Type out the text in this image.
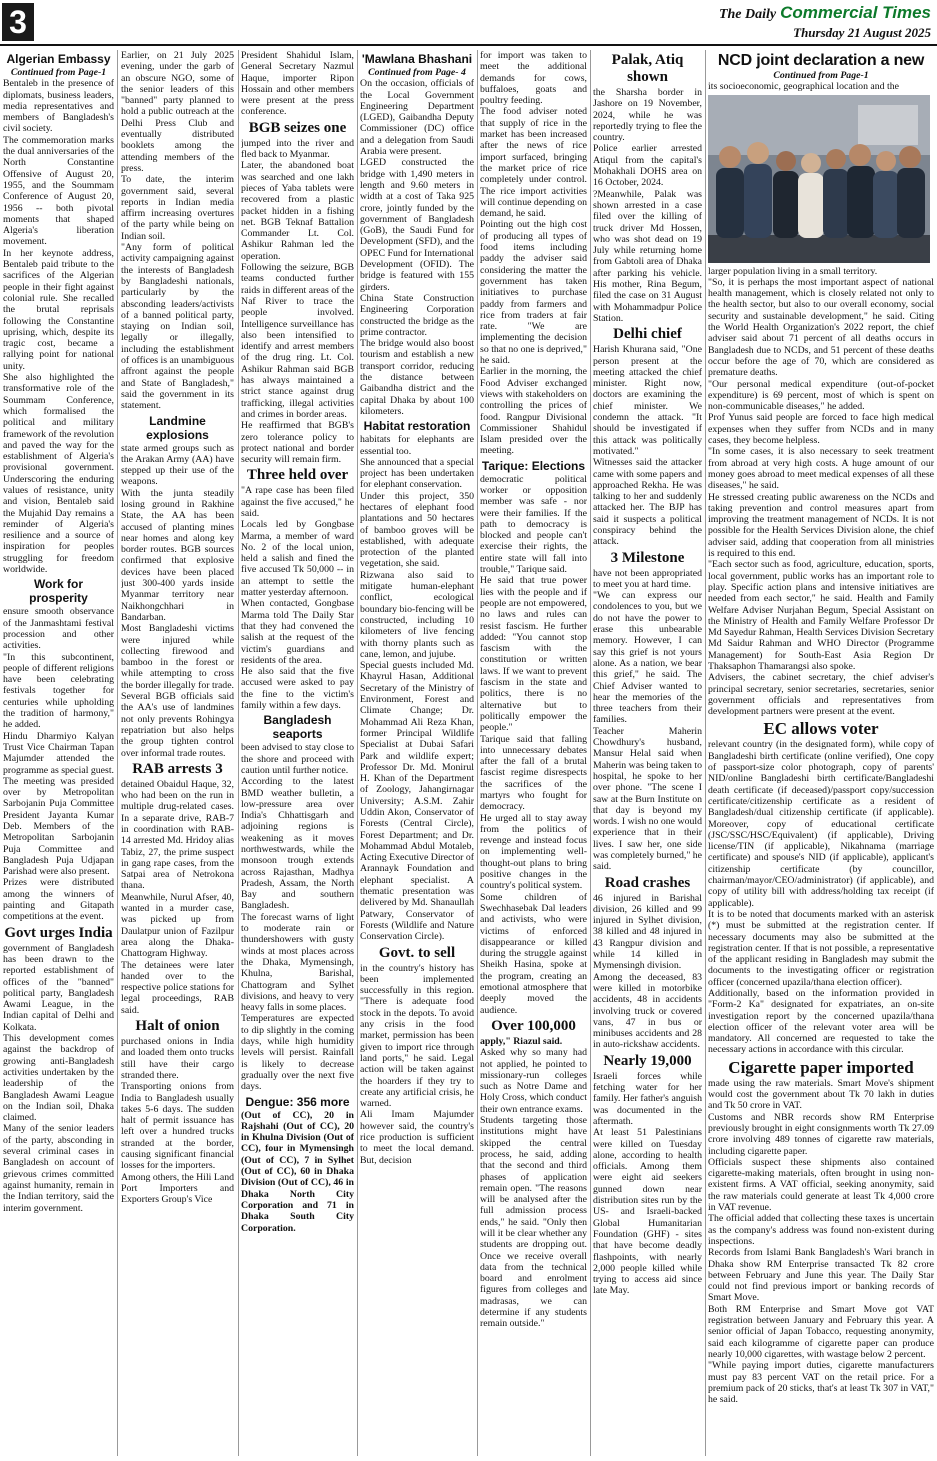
3	The Daily Commercial Times
Thursday 21 August 2025
Algerian Embassy
Continued from Page-1

Bentaleb in the presence of diplomats, business leaders, media representatives and members of Bangladesh's civil society.
The commemoration marks the dual anniversaries of the North Constantine Offensive of August 20, 1955, and the Soummam Conference of August 20, 1956 -- both pivotal moments that shaped Algeria's liberation movement.
In her keynote address, Bentaleb paid tribute to the sacrifices of the Algerian people in their fight against colonial rule. She recalled the brutal reprisals following the Constantine uprising, which, despite its tragic cost, became a rallying point for national unity.
She also highlighted the transformative role of the Soummam Conference, which formalised the political and military framework of the revolution and paved the way for the establishment of Algeria's provisional government. Underscoring the enduring values of resistance, unity and vision, Bentaleb said the Mujahid Day remains a reminder of Algeria's resilience and a source of inspiration for peoples struggling for freedom worldwide.

Work for prosperity

ensure smooth observance of the Janmashtami festival procession and other activities.
"In this subcontinent, people of different religions have been celebrating festivals together for centuries while upholding the tradition of harmony," he added.
Hindu Dharmiyo Kalyan Trust Vice Chairman Tapan Majumder attended the programme as special guest. The meeting was presided over by Metropolitan Sarbojanin Puja Committee President Jayanta Kumar Deb. Members of the Metropolitan Sarbojanin Puja Committee and Bangladesh Puja Udjapan Parishad were also present.
Prizes were distributed among the winners of painting and Gitapath competitions at the event.

Govt urges India

government of Bangladesh has been drawn to the reported establishment of offices of the "banned" political party, Bangladesh Awami League, in the Indian capital of Delhi and Kolkata.
This development comes against the backdrop of growing anti-Bangladesh activities undertaken by the leadership of the Bangladesh Awami League on the Indian soil, Dhaka claimed.
Many of the senior leaders of the party, absconding in several criminal cases in Bangladesh on account of grievous crimes committed against humanity, remain in the Indian territory, said the interim government.

Earlier, on 21 July 2025 evening, under the garb of an obscure NGO, some of the senior leaders of this "banned" party planned to hold a public outreach at the Delhi Press Club and eventually distributed booklets among the attending members of the press.
To date, the interim government said, several reports in Indian media affirm increasing overtures of the party while being on Indian soil.
"Any form of political activity campaigning against the interests of Bangladesh by Bangladeshi nationals, particularly by the absconding leaders/activists of a banned political party, staying on Indian soil, legally or illegally, including the establishment of offices is an unambiguous affront against the people and State of Bangladesh," said the government in its statement.

Landmine explosions

state armed groups such as the Arakan Army (AA) have stepped up their use of the weapons.
With the junta steadily losing ground in Rakhine State, the AA has been accused of planting mines near homes and along key border routes. BGB sources confirmed that explosive devices have been placed just 300-400 yards inside Myanmar territory near Naikhongchhari in Bandarban.
Most Bangladeshi victims were injured while collecting firewood and bamboo in the forest or while attempting to cross the border illegally for trade. Several BGB officials said the AA's use of landmines not only prevents Rohingya repatriation but also helps the group tighten control over informal trade routes.

RAB arrests 3

detained Obaidul Haque, 32, who had been on the run in multiple drug-related cases. In a separate drive, RAB-7 in coordination with RAB-14 arrested Md. Hridoy alias Tabiz, 27, the prime suspect in gang rape cases, from the Satpai area of Netrokona thana.
Meanwhile, Nurul Afser, 40, wanted in a murder case, was picked up from Daulatpur union of Fazilpur area along the Dhaka-Chattogram Highway.
The detainees were later handed over to the respective police stations for legal proceedings, RAB said.

Halt of onion

purchased onions in India and loaded them onto trucks still have their cargo stranded there.
Transporting onions from India to Bangladesh usually takes 5-6 days. The sudden halt of permit issuance has left over a hundred trucks stranded at the border, causing significant financial losses for the importers.
Among others, the Hili Land Port Importers and Exporters Group's Vice

President Shahidul Islam, General Secretary Nazmul Haque, importer Ripon Hossain and other members were present at the press conference.

BGB seizes one

jumped into the river and fled back to Myanmar.
Later, the abandoned boat was searched and one lakh pieces of Yaba tablets were recovered from a plastic packet hidden in a fishing net. BGB Teknaf Battalion Commander Lt. Col. Ashikur Rahman led the operation.
Following the seizure, BGB teams conducted further raids in different areas of the Naf River to trace the people involved. Intelligence surveillance has also been intensified to identify and arrest members of the drug ring. Lt. Col. Ashikur Rahman said BGB has always maintained a strict stance against drug trafficking, illegal activities and crimes in border areas.
He reaffirmed that BGB's zero tolerance policy to protect national and border security will remain firm.

Three held over

"A rape case has been filed against the five accused," he said.
Locals led by Gongbase Marma, a member of ward No. 2 of the local union, held a salish and fined the five accused Tk 50,000 -- in an attempt to settle the matter yesterday afternoon.
When contacted, Gongbase Marma told The Daily Star that they had convened the salish at the request of the victim's guardians and residents of the area.
He also said that the five accused were asked to pay the fine to the victim's family within a few days.

Bangladesh seaports

been advised to stay close to the shore and proceed with caution until further notice.
According to the latest BMD weather bulletin, a low-pressure area over India's Chhattisgarh and adjoining regions is weakening as it moves northwestwards, while the monsoon trough extends across Rajasthan, Madhya Pradesh, Assam, the North Bay and southern Bangladesh.
The forecast warns of light to moderate rain or thundershowers with gusty winds at most places across the Dhaka, Mymensingh, Khulna, Barishal, Chattogram and Sylhet divisions, and heavy to very heavy falls in some places.
Temperatures are expected to dip slightly in the coming days, while high humidity levels will persist. Rainfall is likely to decrease gradually over the next five days.

Dengue: 356 more

(Out of CC), 20 in Rajshahi (Out of CC), 20 in Khulna Division (Out of CC), four in Mymensingh (Out of CC), 7 in Sylhet (Out of CC), 60 in Dhaka Division (Out of CC), 46 in Dhaka North City Corporation and 71 in Dhaka South City Corporation.

'Mawlana Bhashani
Continued from Page- 4

On the occasion, officials of the Local Government Engineering Department (LGED), Gaibandha Deputy Commissioner (DC) office and a delegation from Saudi Arabia were present.
LGED constructed the bridge with 1,490 meters in length and 9.60 meters in width at a cost of Taka 925 crore, jointly funded by the government of Bangladesh (GoB), the Saudi Fund for Development (SFD), and the OPEC Fund for International Development (OFID). The bridge is featured with 155 girders.
China State Construction Engineering Corporation constructed the bridge as the prime contractor.
The bridge would also boost tourism and establish a new transport corridor, reducing the distance between Gaibandha district and the capital Dhaka by about 100 kilometers.

Habitat restoration

habitats for elephants are essential too.
She announced that a special project has been undertaken for elephant conservation.
Under this project, 350 hectares of elephant food plantations and 50 hectares of bamboo groves will be established, with adequate protection of the planted vegetation, she said.
Rizwana also said to mitigate human-elephant conflict, ecological boundary bio-fencing will be constructed, including 10 kilometers of live fencing with thorny plants such as cane, lemon, and jujube.
Special guests included Md. Khayrul Hasan, Additional Secretary of the Ministry of Environment, Forest and Climate Change; Dr. Mohammad Ali Reza Khan, former Principal Wildlife Specialist at Dubai Safari Park and wildlife expert; Professor Dr. Md. Monirul H. Khan of the Department of Zoology, Jahangirnagar University; A.S.M. Zahir Uddin Akon, Conservator of Forests (Central Circle), Forest Department; and Dr. Mohammad Abdul Motaleb, Acting Executive Director of Arannayk Foundation and elephant specialist. A thematic presentation was delivered by Md. Shanaullah Patwary, Conservator of Forests (Wildlife and Nature Conservation Circle).

Govt. to sell

in the country's history has been implemented successfully in this region. "There is adequate food stock in the depots. To avoid any crisis in the food market, permission has been given to import rice through land ports," he said. Legal action will be taken against the hoarders if they try to create any artificial crisis, he warned.
Ali Imam Majumder however said, the country's rice production is sufficient to meet the local demand. But, decision

for import was taken to meet the additional demands for cows, buffaloes, goats and poultry feeding.
The food adviser noted that supply of rice in the market has been increased after the news of rice import surfaced, bringing the market price of rice completely under control. The rice import activities will continue depending on demand, he said.
Pointing out the high cost of producing all types of food items including paddy the adviser said considering the matter the government has taken initiatives to purchase paddy from farmers and rice from traders at fair rate. "We are implementing the decision so that no one is deprived," he said.
Earlier in the morning, the Food Adviser exchanged views with stakeholders on controlling the prices of food. Rangpur Divisional Commissioner Shahidul Islam presided over the meeting.

Tarique: Elections

democratic political worker or opposition member was safe - nor were their families. If the path to democracy is blocked and people can't exercise their rights, the entire state will fall into trouble," Tarique said.
He said that true power lies with the people and if people are not empowered, no laws and rules can resist fascism. He further added: "You cannot stop fascism with the constitution or written laws. If we want to prevent fascism in the state and politics, there is no alternative but to politically empower the people."
Tarique said that falling into unnecessary debates after the fall of a brutal fascist regime disrespects the sacrifices of the martyrs who fought for democracy.
He urged all to stay away from the politics of revenge and instead focus on implementing well-thought-out plans to bring positive changes in the country's political system.
Some children of Swechhasebak Dal leaders and activists, who were victims of enforced disappearance or killed during the struggle against Sheikh Hasina, spoke at the program, creating an emotional atmosphere that deeply moved the audience.

Over 100,000

apply," Riazul said.

Asked why so many had not applied, he pointed to missionary-run colleges such as Notre Dame and Holy Cross, which conduct their own entrance exams.
Students targeting those institutions might have skipped the central process, he said, adding that the second and third phases of application remain open. "The reasons will be analysed after the full admission process ends," he said. "Only then will it be clear whether any students are dropping out. Once we receive overall data from the technical board and enrolment figures from colleges and madrasas, we can determine if any students remain outside."

Palak, Atiq shown

the Sharsha border in Jashore on 19 November, 2024, while he was reportedly trying to flee the country.
Police earlier arrested Atiqul from the capital's Mohakhali DOHS area on 16 October, 2024.
?Meanwhile, Palak was shown arrested in a case filed over the killing of truck driver Md Hossen, who was shot dead on 19 July while returning home from Gabtoli area of Dhaka after parking his vehicle. His mother, Rina Begum, filed the case on 31 August with Mohammadpur Police Station.

Delhi chief

Harish Khurana said, "One person present at the meeting attacked the chief minister. Right now, doctors are examining the chief minister. We condemn the attack. "It should be investigated if this attack was politically motivated."
Witnesses said the attacker came with some papers and approached Rekha. He was talking to her and suddenly attacked her. The BJP has said it suspects a political conspiracy behind the attack.

3 Milestone

have not been appropriated to meet you at hard time.
"We can express our condolences to you, but we do not have the power to erase this unbearable memory. However, I can say this grief is not yours alone. As a nation, we bear this grief," he said. The Chief Adviser wanted to hear the memories of the three teachers from their families.
Teacher Maherin Chowdhury's husband, Mansur Helal said when Maherin was being taken to hospital, he spoke to her over phone. "The scene I saw at the Burn Institute on that day is beyond my words. I wish no one would experience that in their lives. I saw her, one side was completely burned," he said.

Road crashes

46 injured in Barishal division, 26 killed and 99 injured in Sylhet division, 38 killed and 48 injured in 43 Rangpur division and while 14 killed in Mymensingh division.
Among the deceased, 83 were killed in motorbike accidents, 48 in accidents involving truck or covered vans, 47 in bus or minibuses accidents and 28 in auto-rickshaw accidents.

Nearly 19,000

Israeli forces while fetching water for her family. Her father's anguish was documented in the aftermath.
At least 51 Palestinians were killed on Tuesday alone, according to health officials. Among them were eight aid seekers gunned down near distribution sites run by the US- and Israeli-backed Global Humanitarian Foundation (GHF) - sites that have become deadly flashpoints, with nearly 2,000 people killed while trying to access aid since late May.

NCD joint declaration a new
Continued from Page-1

its socioeconomic, geographical location and the

larger population living in a small territory.
"So, it is perhaps the most important aspect of national health management, which is closely related not only to the health sector, but also to our overall economy, social security and sustainable development," he said. Citing the World Health Organization's 2022 report, the chief adviser said about 71 percent of all deaths occurs in Bangladesh due to NCDs, and 51 percent of these deaths occur before the age of 70, which are considered as premature deaths.
"Our personal medical expenditure (out-of-pocket expenditure) is 69 percent, most of which is spent on non-communicable diseases," he added.
Prof Yunus said people are forced to face high medical expenses when they suffer from NCDs and in many cases, they become helpless.
"In some cases, it is also necessary to seek treatment from abroad at very high costs. A huge amount of our money goes abroad to meet medical expenses of all these diseases," he said.
He stressed creating public awareness on the NCDs and taking prevention and control measures apart from improving the treatment management of NCDs. It is not possible for the Health Services Division alone, the chief adviser said, adding that cooperation from all ministries is required to this end.
"Each sector such as food, agriculture, education, sports, local government, public works has an important role to play. Specific action plans and intensive initiatives are needed from each sector," he said. Health and Family Welfare Adviser Nurjahan Begum, Special Assistant on the Ministry of Health and Family Welfare Professor Dr Md Sayedur Rahman, Health Services Division Secretary Md Saidur Rahman and WHO Director (Programme Management) for South-East Asia Region Dr Thaksaphon Thamarangsi also spoke.
Advisers, the cabinet secretary, the chief adviser's principal secretary, senior secretaries, secretaries, senior government officials and representatives from development partners were present at the event.

EC allows voter

relevant country (in the designated form), while copy of Bangladeshi birth certificate (online verified), One copy of passport-size color photograph, copy of parents' NID/online Bangladeshi birth certificate/Bangladeshi death certificate (if deceased)/passport copy/succession certificate/citizenship certificate as a resident of Bangladesh/dual citizenship certificate (if applicable). Moreover, copy of educational certificate (JSC/SSC/HSC/Equivalent) (if applicable), Driving license/TIN (if applicable), Nikahnama (marriage certificate) and spouse's NID (if applicable), applicant's citizenship certificate (by councillor, chairman/mayor/CEO/administrator) (if applicable), and copy of utility bill with address/holding tax receipt (if applicable).
It is to be noted that documents marked with an asterisk (*) must be submitted at the registration center. If necessary documents may also be submitted at the registration center. If that is not possible, a representative of the applicant residing in Bangladesh may submit the documents to the investigating officer or registration officer (concerned upazila/thana election officer).
Additionally, based on the information provided in "Form-2 Ka" designated for expatriates, an on-site investigation report by the concerned upazila/thana election officer of the relevant voter area will be mandatory. All concerned are requested to take the necessary actions in accordance with this circular.

Cigarette paper imported

made using the raw materials. Smart Move's shipment would cost the government about Tk 70 lakh in duties and Tk 50 crore in VAT.
Customs and NBR records show RM Enterprise previously brought in eight consignments worth Tk 27.09 crore involving 489 tonnes of cigarette raw materials, including cigarette paper.
Officials suspect these shipments also contained cigarette-making materials, often brought in using non-existent firms. A VAT official, seeking anonymity, said the raw materials could generate at least Tk 4,000 crore in VAT revenue.
The official added that collecting these taxes is uncertain as the company's address was found non-existent during inspections.
Records from Islami Bank Bangladesh's Wari branch in Dhaka show RM Enterprise transacted Tk 82 crore between February and June this year. The Daily Star could not find previous import or banking records of Smart Move.
Both RM Enterprise and Smart Move got VAT registration between January and February this year. A senior official of Japan Tobacco, requesting anonymity, said each kilogramme of cigarette paper can produce nearly 10,000 cigarettes, with wastage below 2 percent.
"While paying import duties, cigarette manufacturers must pay 83 percent VAT on the retail price. For a premium pack of 20 sticks, that's at least Tk 307 in VAT," he said.
